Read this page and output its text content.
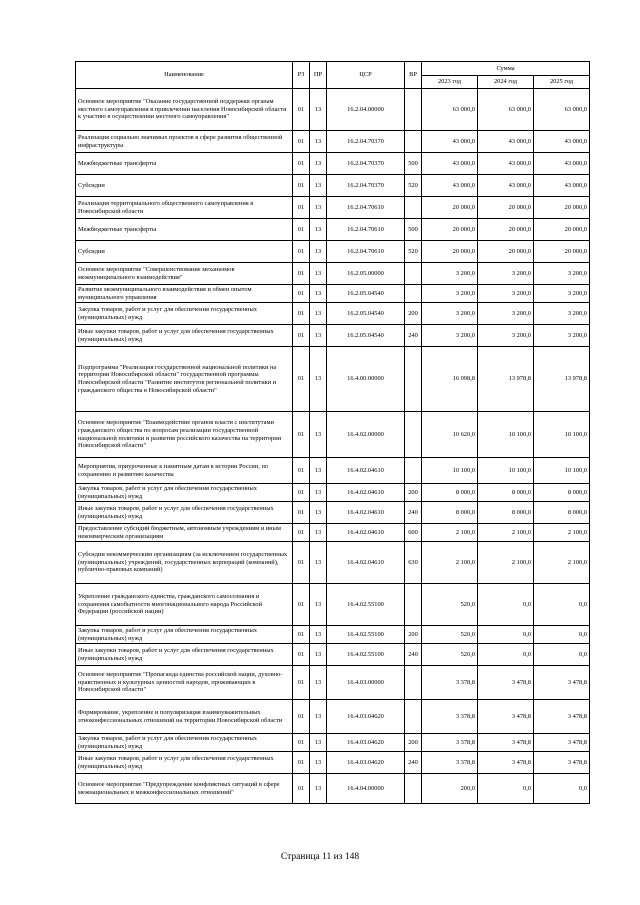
Наименование	РЗ	ПР	ЦСР	ВР	Сумма		
					2023 год	2024 год	2025 год
Основное мероприятие "Оказание государственной поддержки органам местного самоуправления в привлечении населения Новосибирской области к участию в осуществлении местного самоуправления"	01	13	16.2.04.00000		63 000,0	63 000,0	63 000,0
Реализация социально значимых проектов в сфере развития общественной инфраструктуры	01	13	16.2.04.70370		43 000,0	43 000,0	43 000,0
Межбюджетные трансферты	01	13	16.2.04.70370	500	43 000,0	43 000,0	43 000,0
Субсидии	01	13	16.2.04.70370	520	43 000,0	43 000,0	43 000,0
Реализация территориального общественного самоуправления в Новосибирской области	01	13	16.2.04.70610		20 000,0	20 000,0	20 000,0
Межбюджетные трансферты	01	13	16.2.04.70610	500	20 000,0	20 000,0	20 000,0
Субсидии	01	13	16.2.04.70610	520	20 000,0	20 000,0	20 000,0
Основное мероприятие "Совершенствование механизмов межмуниципального взаимодействия"	01	13	16.2.05.00000		3 200,0	3 200,0	3 200,0
Развитие межмуниципального взаимодействия и обмен опытом муниципального управления	01	13	16.2.05.04540		3 200,0	3 200,0	3 200,0
Закупка товаров, работ и услуг для обеспечения государственных (муниципальных) нужд	01	13	16.2.05.04540	200	3 200,0	3 200,0	3 200,0
Иные закупки товаров, работ и услуг для обеспечения государственных (муниципальных) нужд	01	13	16.2.05.04540	240	3 200,0	3 200,0	3 200,0
Подпрограмма "Реализация государственной национальной политики на территории Новосибирской области" государственной программы Новосибирской области "Развитие институтов региональной политики и гражданского общества в Новосибирской области"	01	13	16.4.00.00000		16 098,8	13 978,8	13 978,8
Основное мероприятие "Взаимодействие органов власти с институтами гражданского общества по вопросам реализации государственной национальной политики и развития российского казачества на территории Новосибирской области"	01	13	16.4.02.00000		10 620,0	10 100,0	10 100,0
Мероприятия, приуроченные к памятным датам в истории России, по сохранению и развитию казачества	01	13	16.4.02.04610		10 100,0	10 100,0	10 100,0
Закупка товаров, работ и услуг для обеспечения государственных (муниципальных) нужд	01	13	16.4.02.04610	200	8 000,0	8 000,0	8 000,0
Иные закупки товаров, работ и услуг для обеспечения государственных (муниципальных) нужд	01	13	16.4.02.04610	240	8 000,0	8 000,0	8 000,0
Предоставление субсидий бюджетным, автономным учреждениям и иным некоммерческим организациям	01	13	16.4.02.04610	600	2 100,0	2 100,0	2 100,0
Субсидии некоммерческим организациям (за исключением государственных (муниципальных) учреждений, государственных корпораций (компаний), публично-правовых компаний)	01	13	16.4.02.04610	630	2 100,0	2 100,0	2 100,0
Укрепление гражданского единства, гражданского самосознания и сохранения самобытности многонационального народа Российской Федерации (российской нации)	01	13	16.4.02.55100		520,0	0,0	0,0
Закупка товаров, работ и услуг для обеспечения государственных (муниципальных) нужд	01	13	16.4.02.55100	200	520,0	0,0	0,0
Иные закупки товаров, работ и услуг для обеспечения государственных (муниципальных) нужд	01	13	16.4.02.55100	240	520,0	0,0	0,0
Основное мероприятие "Пропаганда единства российской нации, духовно-нравственных и культурных ценностей народов, проживающих в Новосибирской области"	01	13	16.4.03.00000		3 378,8	3 478,8	3 478,8
Формирование, укрепление и популяризация взаимоуважительных этноконфессиональных отношений на территории Новосибирской области	01	13	16.4.03.04620		3 378,8	3 478,8	3 478,8
Закупка товаров, работ и услуг для обеспечения государственных (муниципальных) нужд	01	13	16.4.03.04620	200	3 378,8	3 478,8	3 478,8
Иные закупки товаров, работ и услуг для обеспечения государственных (муниципальных) нужд	01	13	16.4.03.04620	240	3 378,8	3 478,8	3 478,8
Основное мероприятие "Предупреждение конфликтных ситуаций в сфере межнациональных и межконфессиональных отношений"	01	13	16.4.04.00000		200,0	0,0	0,0
Страница 11 из 148
